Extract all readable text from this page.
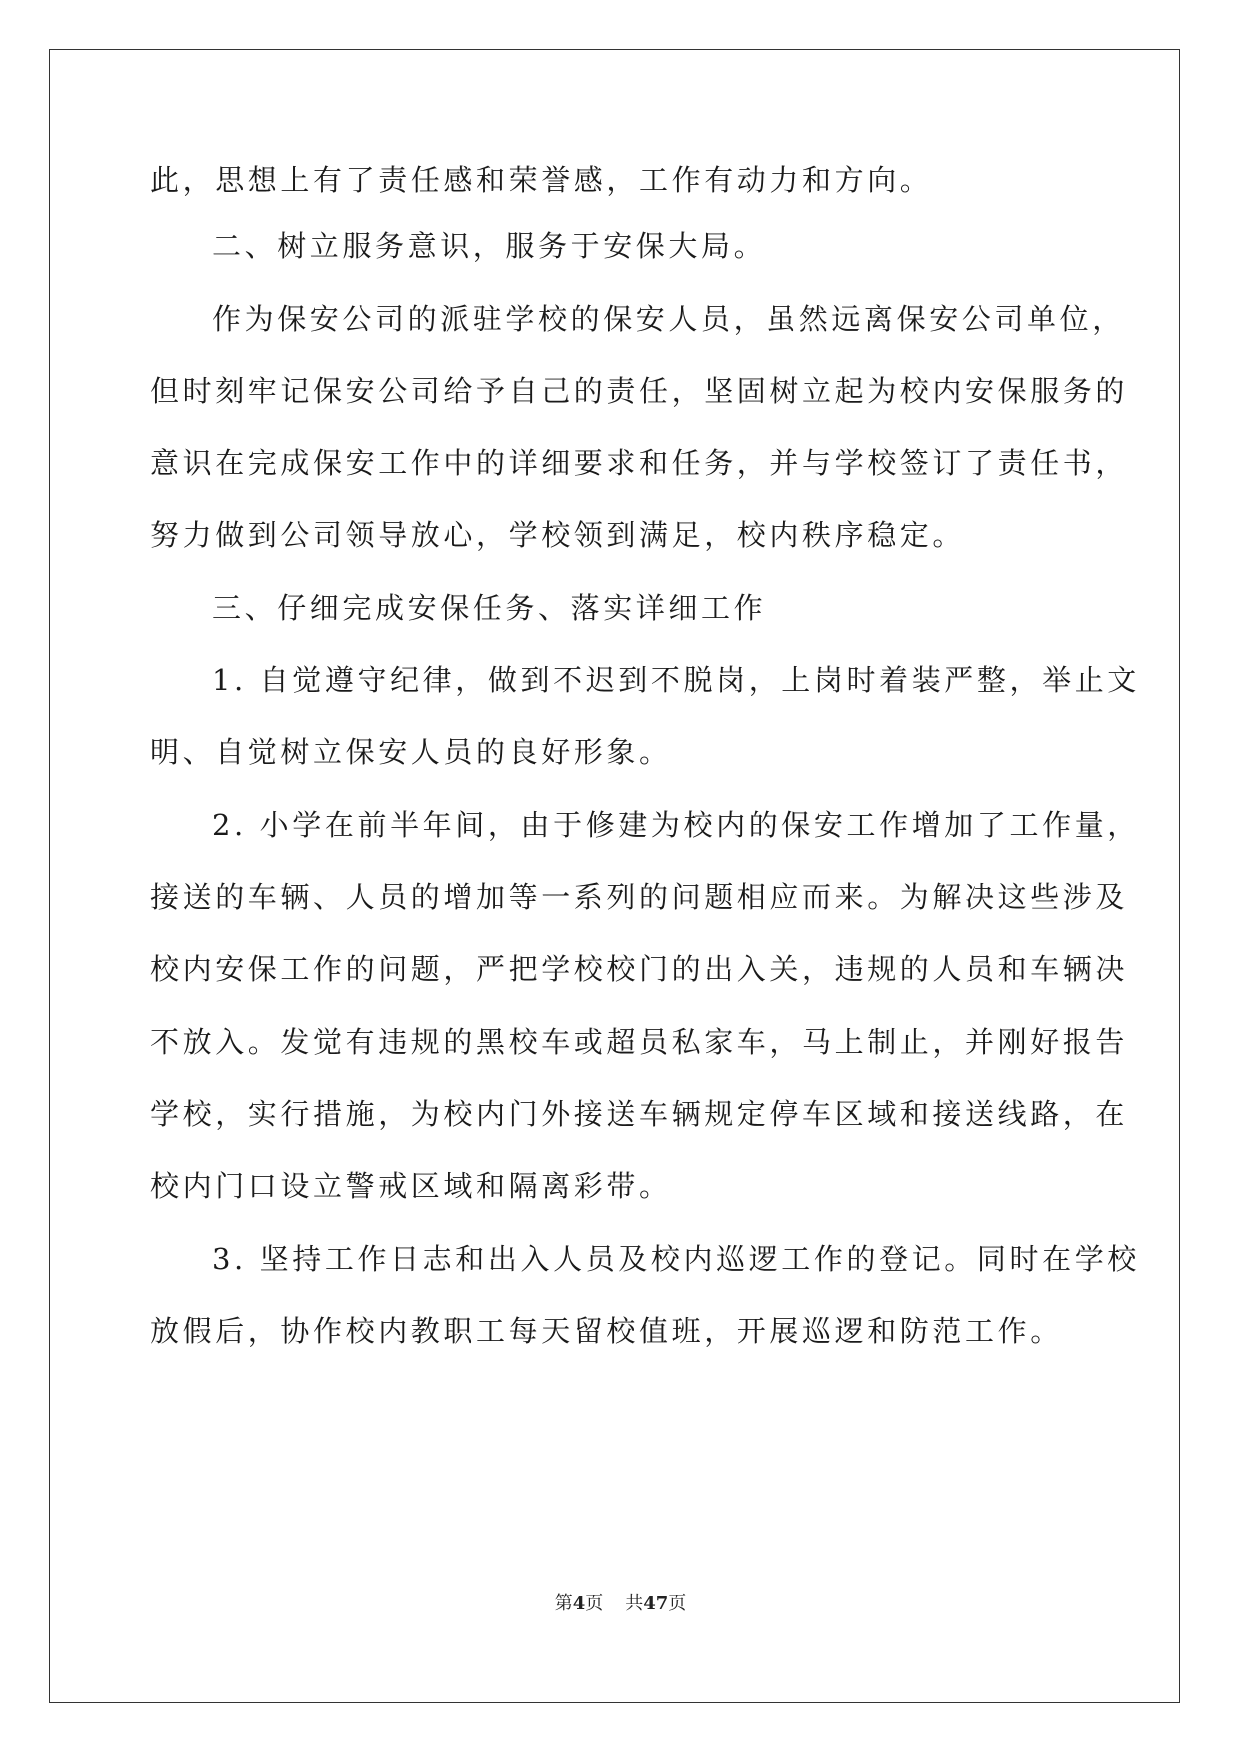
此，思想上有了责任感和荣誉感，工作有动力和方向。
二、树立服务意识，服务于安保大局。
作为保安公司的派驻学校的保安人员，虽然远离保安公司单位，
但时刻牢记保安公司给予自己的责任，坚固树立起为校内安保服务的
意识在完成保安工作中的详细要求和任务，并与学校签订了责任书，
努力做到公司领导放心，学校领到满足，校内秩序稳定。
三、仔细完成安保任务、落实详细工作
1. 自觉遵守纪律，做到不迟到不脱岗，上岗时着装严整，举止文
明、自觉树立保安人员的良好形象。
2. 小学在前半年间，由于修建为校内的保安工作增加了工作量，
接送的车辆、人员的增加等一系列的问题相应而来。为解决这些涉及
校内安保工作的问题，严把学校校门的出入关，违规的人员和车辆决
不放入。发觉有违规的黑校车或超员私家车，马上制止，并刚好报告
学校，实行措施，为校内门外接送车辆规定停车区域和接送线路，在
校内门口设立警戒区域和隔离彩带。
3. 坚持工作日志和出入人员及校内巡逻工作的登记。同时在学校
放假后，协作校内教职工每天留校值班，开展巡逻和防范工作。
第4页 共47页
